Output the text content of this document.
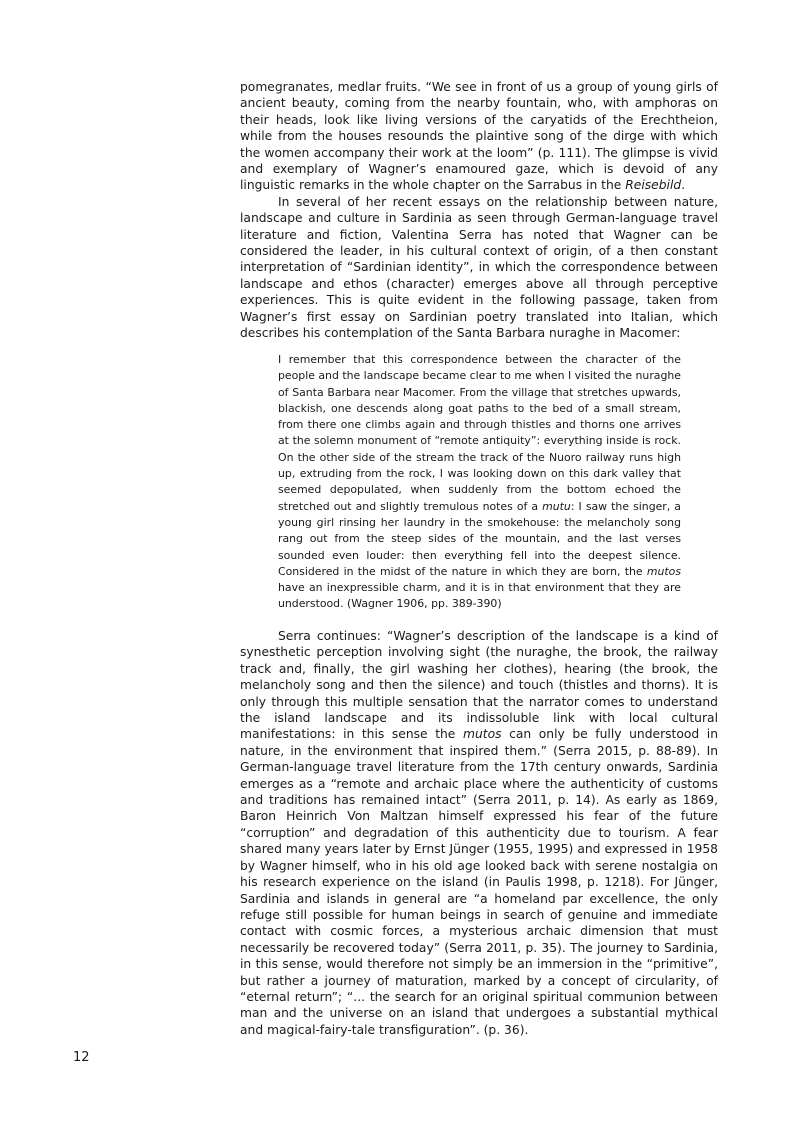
pomegranates, medlar fruits. “We see in front of us a group of young girls of ancient beauty, coming from the nearby fountain, who, with amphoras on their heads, look like living versions of the caryatids of the Erechtheion, while from the houses resounds the plaintive song of the dirge with which the women accompany their work at the loom” (p. 111). The glimpse is vivid and exemplary of Wagner’s enamoured gaze, which is devoid of any linguistic remarks in the whole chapter on the Sarrabus in the Reisebild.

In several of her recent essays on the relationship between nature, landscape and culture in Sardinia as seen through German-language travel literature and fiction, Valentina Serra has noted that Wagner can be considered the leader, in his cultural context of origin, of a then constant interpretation of “Sardinian identity”, in which the correspondence between landscape and ethos (character) emerges above all through perceptive experiences. This is quite evident in the following passage, taken from Wagner’s first essay on Sardinian poetry translated into Italian, which describes his contemplation of the Santa Barbara nuraghe in Macomer:

I remember that this correspondence between the character of the people and the landscape became clear to me when I visited the nuraghe of Santa Barbara near Macomer. From the village that stretches upwards, blackish, one descends along goat paths to the bed of a small stream, from there one climbs again and through thistles and thorns one arrives at the solemn monument of “remote antiquity”: everything inside is rock. On the other side of the stream the track of the Nuoro railway runs high up, extruding from the rock, I was looking down on this dark valley that seemed depopulated, when suddenly from the bottom echoed the stretched out and slightly tremulous notes of a mutu: I saw the singer, a young girl rinsing her laundry in the smokehouse: the melancholy song rang out from the steep sides of the mountain, and the last verses sounded even louder: then everything fell into the deepest silence. Considered in the midst of the nature in which they are born, the mutos have an inexpressible charm, and it is in that environment that they are understood. (Wagner 1906, pp. 389-390)

Serra continues: “Wagner’s description of the landscape is a kind of synesthetic perception involving sight (the nuraghe, the brook, the railway track and, finally, the girl washing her clothes), hearing (the brook, the melancholy song and then the silence) and touch (thistles and thorns). It is only through this multiple sensation that the narrator comes to understand the island landscape and its indissoluble link with local cultural manifestations: in this sense the mutos can only be fully understood in nature, in the environment that inspired them.” (Serra 2015, p. 88-89). In German-language travel literature from the 17th century onwards, Sardinia emerges as a “remote and archaic place where the authenticity of customs and traditions has remained intact” (Serra 2011, p. 14). As early as 1869, Baron Heinrich Von Maltzan himself expressed his fear of the future “corruption” and degradation of this authenticity due to tourism. A fear shared many years later by Ernst Jünger (1955, 1995) and expressed in 1958 by Wagner himself, who in his old age looked back with serene nostalgia on his research experience on the island (in Paulis 1998, p. 1218). For Jünger, Sardinia and islands in general are “a homeland par excellence, the only refuge still possible for human beings in search of genuine and immediate contact with cosmic forces, a mysterious archaic dimension that must necessarily be recovered today” (Serra 2011, p. 35). The journey to Sardinia, in this sense, would therefore not simply be an immersion in the “primitive”, but rather a journey of maturation, marked by a concept of circularity, of “eternal return”; “... the search for an original spiritual communion between man and the universe on an island that undergoes a substantial mythical and magical-fairy-tale transfiguration”. (p. 36).

12
